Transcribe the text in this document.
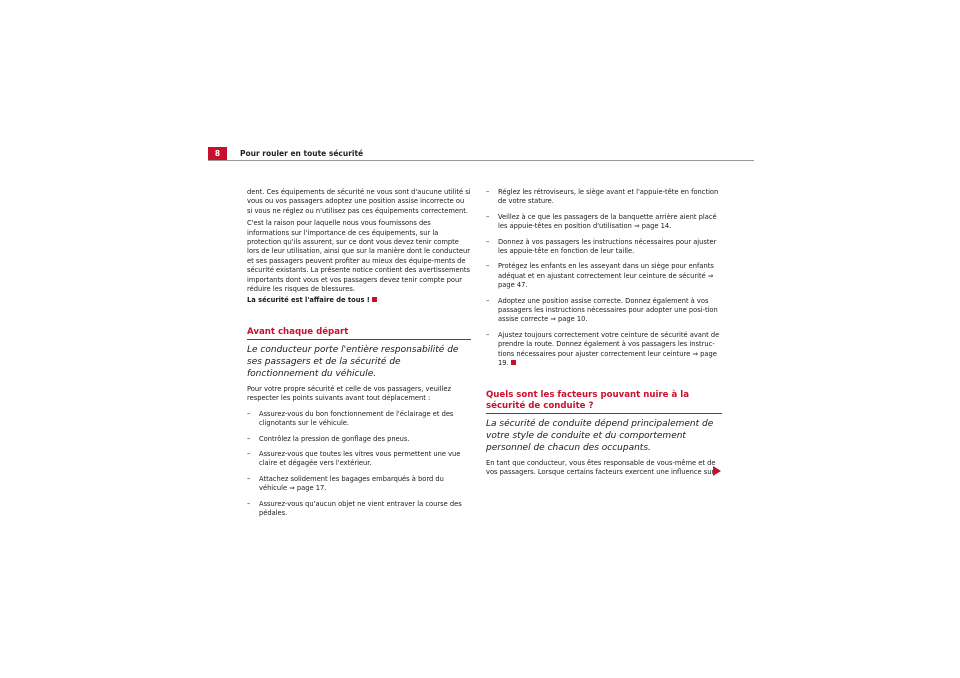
8	Pour rouler en toute sécurité

dent. Ces équipements de sécurité ne vous sont d'aucune utilité si vous ou vos passagers adoptez une position assise incorrecte ou si vous ne réglez ou n'utilisez pas ces équipements correctement.

C'est la raison pour laquelle nous vous fournissons des informations sur l'importance de ces équipements, sur la protection qu'ils assurent, sur ce dont vous devez tenir compte lors de leur utilisation, ainsi que sur la manière dont le conducteur et ses passagers peuvent profiter au mieux des équipe-ments de sécurité existants. La présente notice contient des avertissements importants dont vous et vos passagers devez tenir compte pour réduire les risques de blessures.

La sécurité est l'affaire de tous !

Avant chaque départ
Le conducteur porte l'entière responsabilité de ses passagers et de la sécurité de fonctionnement du véhicule.

Pour votre propre sécurité et celle de vos passagers, veuillez respecter les points suivants avant tout déplacement :

– Assurez-vous du bon fonctionnement de l'éclairage et des clignotants sur le véhicule.
– Contrôlez la pression de gonflage des pneus.
– Assurez-vous que toutes les vitres vous permettent une vue claire et dégagée vers l'extérieur.
– Attachez solidement les bagages embarqués à bord du véhicule ⇒ page 17.
– Assurez-vous qu'aucun objet ne vient entraver la course des pédales.
– Réglez les rétroviseurs, le siège avant et l'appuie-tête en fonction de votre stature.
– Veillez à ce que les passagers de la banquette arrière aient placé les appuie-têtes en position d'utilisation ⇒ page 14.
– Donnez à vos passagers les instructions nécessaires pour ajuster les appuie-tête en fonction de leur taille.
– Protégez les enfants en les asseyant dans un siège pour enfants adéquat et en ajustant correctement leur ceinture de sécurité ⇒ page 47.
– Adoptez une position assise correcte. Donnez également à vos passagers les instructions nécessaires pour adopter une posi-tion assise correcte ⇒ page 10.
– Ajustez toujours correctement votre ceinture de sécurité avant de prendre la route. Donnez également à vos passagers les instruc-tions nécessaires pour ajuster correctement leur ceinture ⇒ page 19.
Quels sont les facteurs pouvant nuire à la sécurité de conduite ?
La sécurité de conduite dépend principalement de votre style de conduite et du comportement personnel de chacun des occupants.

En tant que conducteur, vous êtes responsable de vous-même et de vos passagers. Lorsque certains facteurs exercent une influence sur
